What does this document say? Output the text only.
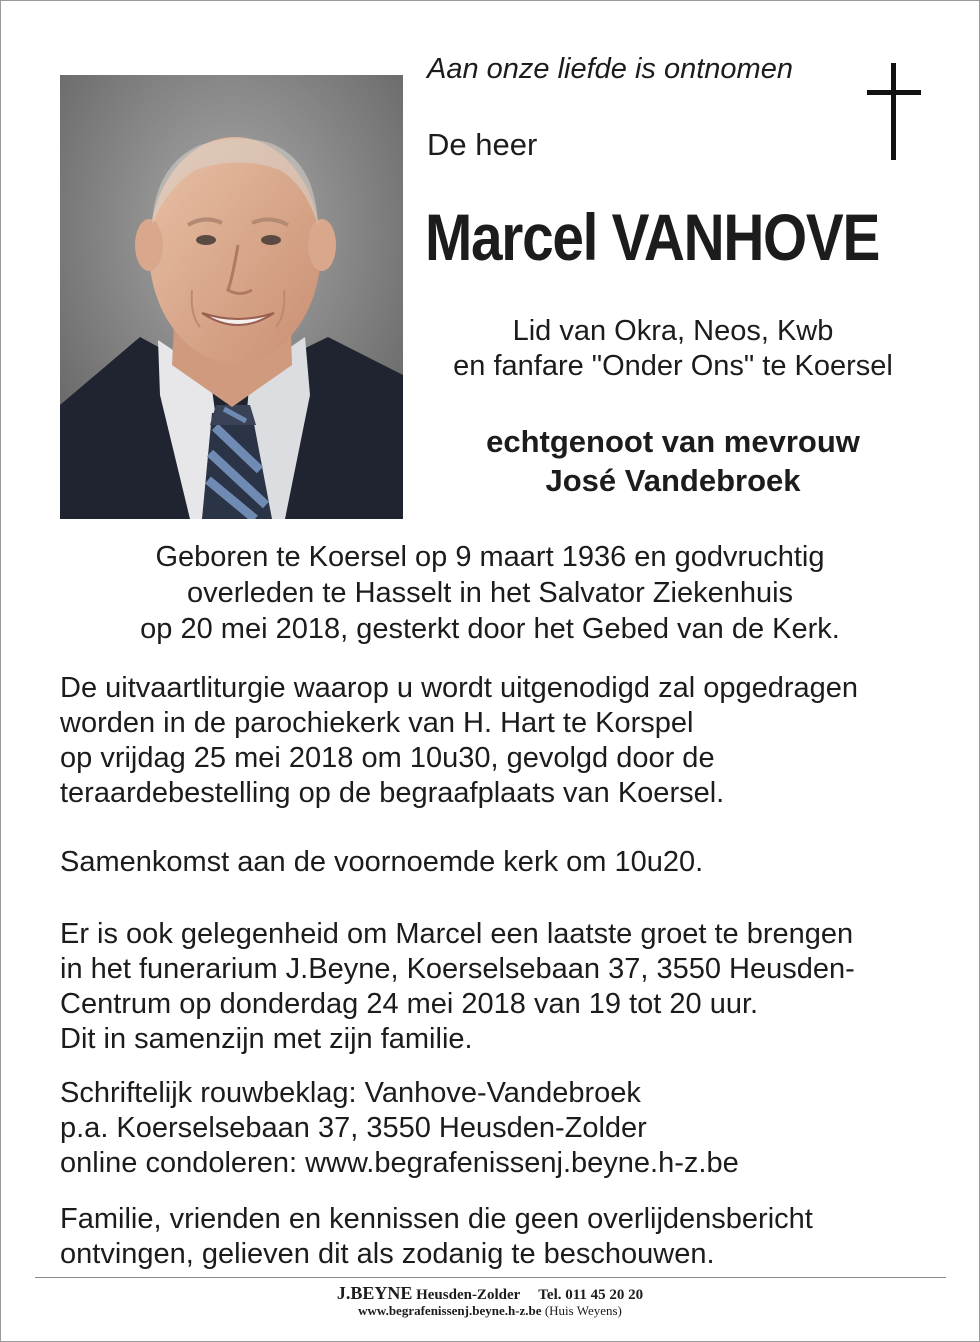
Aan onze liefde is ontnomen
De heer
Marcel VANHOVE
Lid van Okra, Neos, Kwb
en fanfare "Onder Ons" te Koersel
echtgenoot van mevrouw
José Vandebroek
Geboren te Koersel op 9 maart 1936 en godvruchtig
overleden te Hasselt in het Salvator Ziekenhuis
op 20 mei 2018, gesterkt door het Gebed van de Kerk.
De uitvaartliturgie waarop u wordt uitgenodigd zal opgedragen
worden in de parochiekerk van H. Hart te Korspel
op vrijdag 25 mei 2018 om 10u30, gevolgd door de
teraardebestelling op de begraafplaats van Koersel.
Samenkomst aan de voornoemde kerk om 10u20.
Er is ook gelegenheid om Marcel een laatste groet te brengen
in het funerarium J.Beyne, Koerselsebaan 37, 3550 Heusden-
Centrum op donderdag 24 mei 2018 van 19 tot 20 uur.
Dit in samenzijn met zijn familie.
Schriftelijk rouwbeklag: Vanhove-Vandebroek
p.a. Koerselsebaan 37, 3550 Heusden-Zolder
online condoleren: www.begrafenissenj.beyne.h-z.be
Familie, vrienden en kennissen die geen overlijdensbericht
ontvingen, gelieven dit als zodanig te beschouwen.
J.BEYNE Heusden-Zolder Tel. 011 45 20 20
www.begrafenissenj.beyne.h-z.be (Huis Weyens)
